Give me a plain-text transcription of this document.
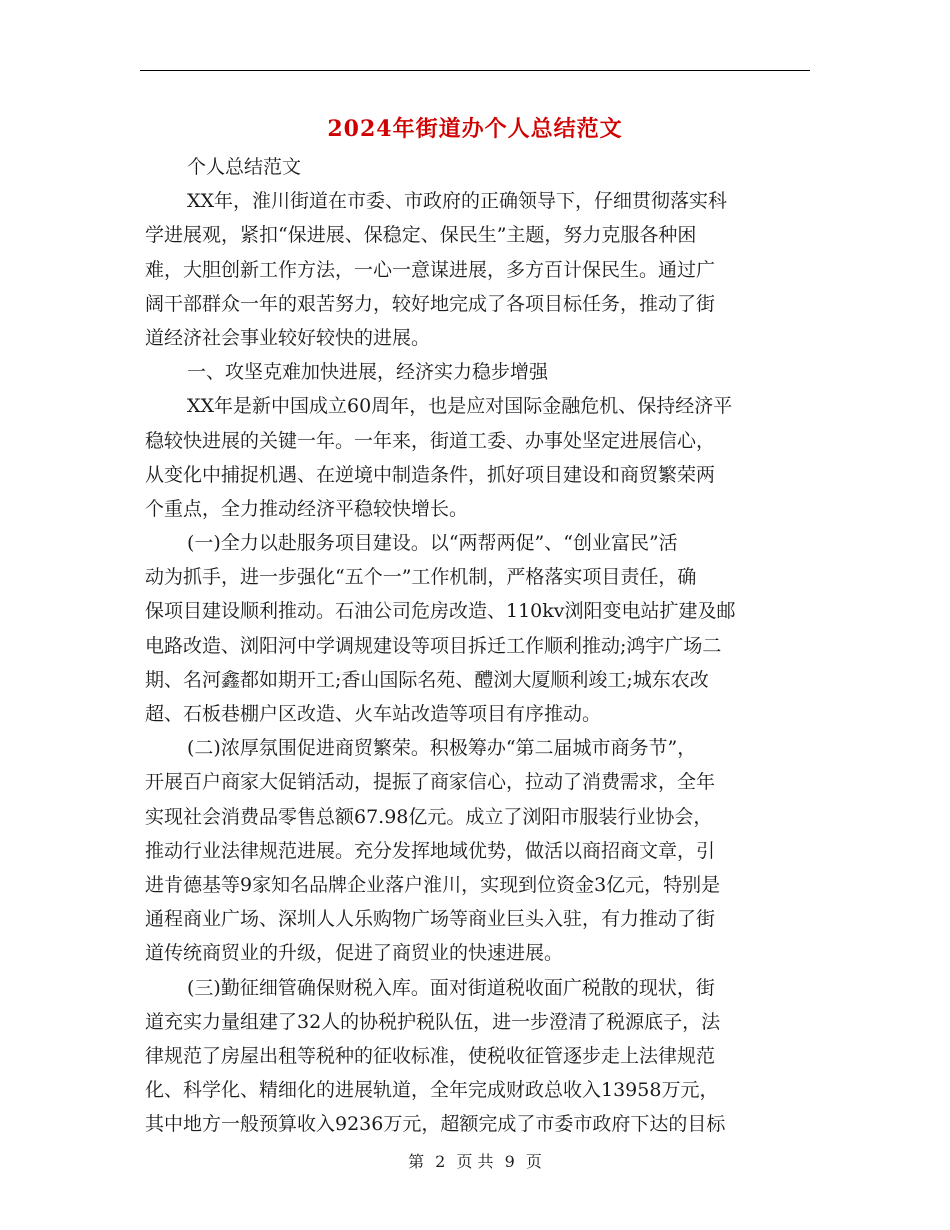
2024年街道办个人总结范文
个人总结范文
XX年，淮川街道在市委、市政府的正确领导下，仔细贯彻落实科
学进展观，紧扣“保进展、保稳定、保民生”主题，努力克服各种困
难，大胆创新工作方法，一心一意谋进展，多方百计保民生。通过广
阔干部群众一年的艰苦努力，较好地完成了各项目标任务，推动了街
道经济社会事业较好较快的进展。
一、攻坚克难加快进展，经济实力稳步增强
XX年是新中国成立60周年，也是应对国际金融危机、保持经济平
稳较快进展的关键一年。一年来，街道工委、办事处坚定进展信心，
从变化中捕捉机遇、在逆境中制造条件，抓好项目建设和商贸繁荣两
个重点，全力推动经济平稳较快增长。
(一)全力以赴服务项目建设。以“两帮两促”、“创业富民”活
动为抓手，进一步强化“五个一”工作机制，严格落实项目责任，确
保项目建设顺利推动。石油公司危房改造、110kv浏阳变电站扩建及邮
电路改造、浏阳河中学调规建设等项目拆迁工作顺利推动;鸿宇广场二
期、名河鑫都如期开工;香山国际名苑、醴浏大厦顺利竣工;城东农改
超、石板巷棚户区改造、火车站改造等项目有序推动。
(二)浓厚氛围促进商贸繁荣。积极筹办“第二届城市商务节”，
开展百户商家大促销活动，提振了商家信心，拉动了消费需求，全年
实现社会消费品零售总额67.98亿元。成立了浏阳市服装行业协会，
推动行业法律规范进展。充分发挥地域优势，做活以商招商文章，引
进肯德基等9家知名品牌企业落户淮川，实现到位资金3亿元，特别是
通程商业广场、深圳人人乐购物广场等商业巨头入驻，有力推动了街
道传统商贸业的升级，促进了商贸业的快速进展。
(三)勤征细管确保财税入库。面对街道税收面广税散的现状，街
道充实力量组建了32人的协税护税队伍，进一步澄清了税源底子，法
律规范了房屋出租等税种的征收标准，使税收征管逐步走上法律规范
化、科学化、精细化的进展轨道，全年完成财政总收入13958万元，
其中地方一般预算收入9236万元，超额完成了市委市政府下达的目标
第 2 页 共 9 页
